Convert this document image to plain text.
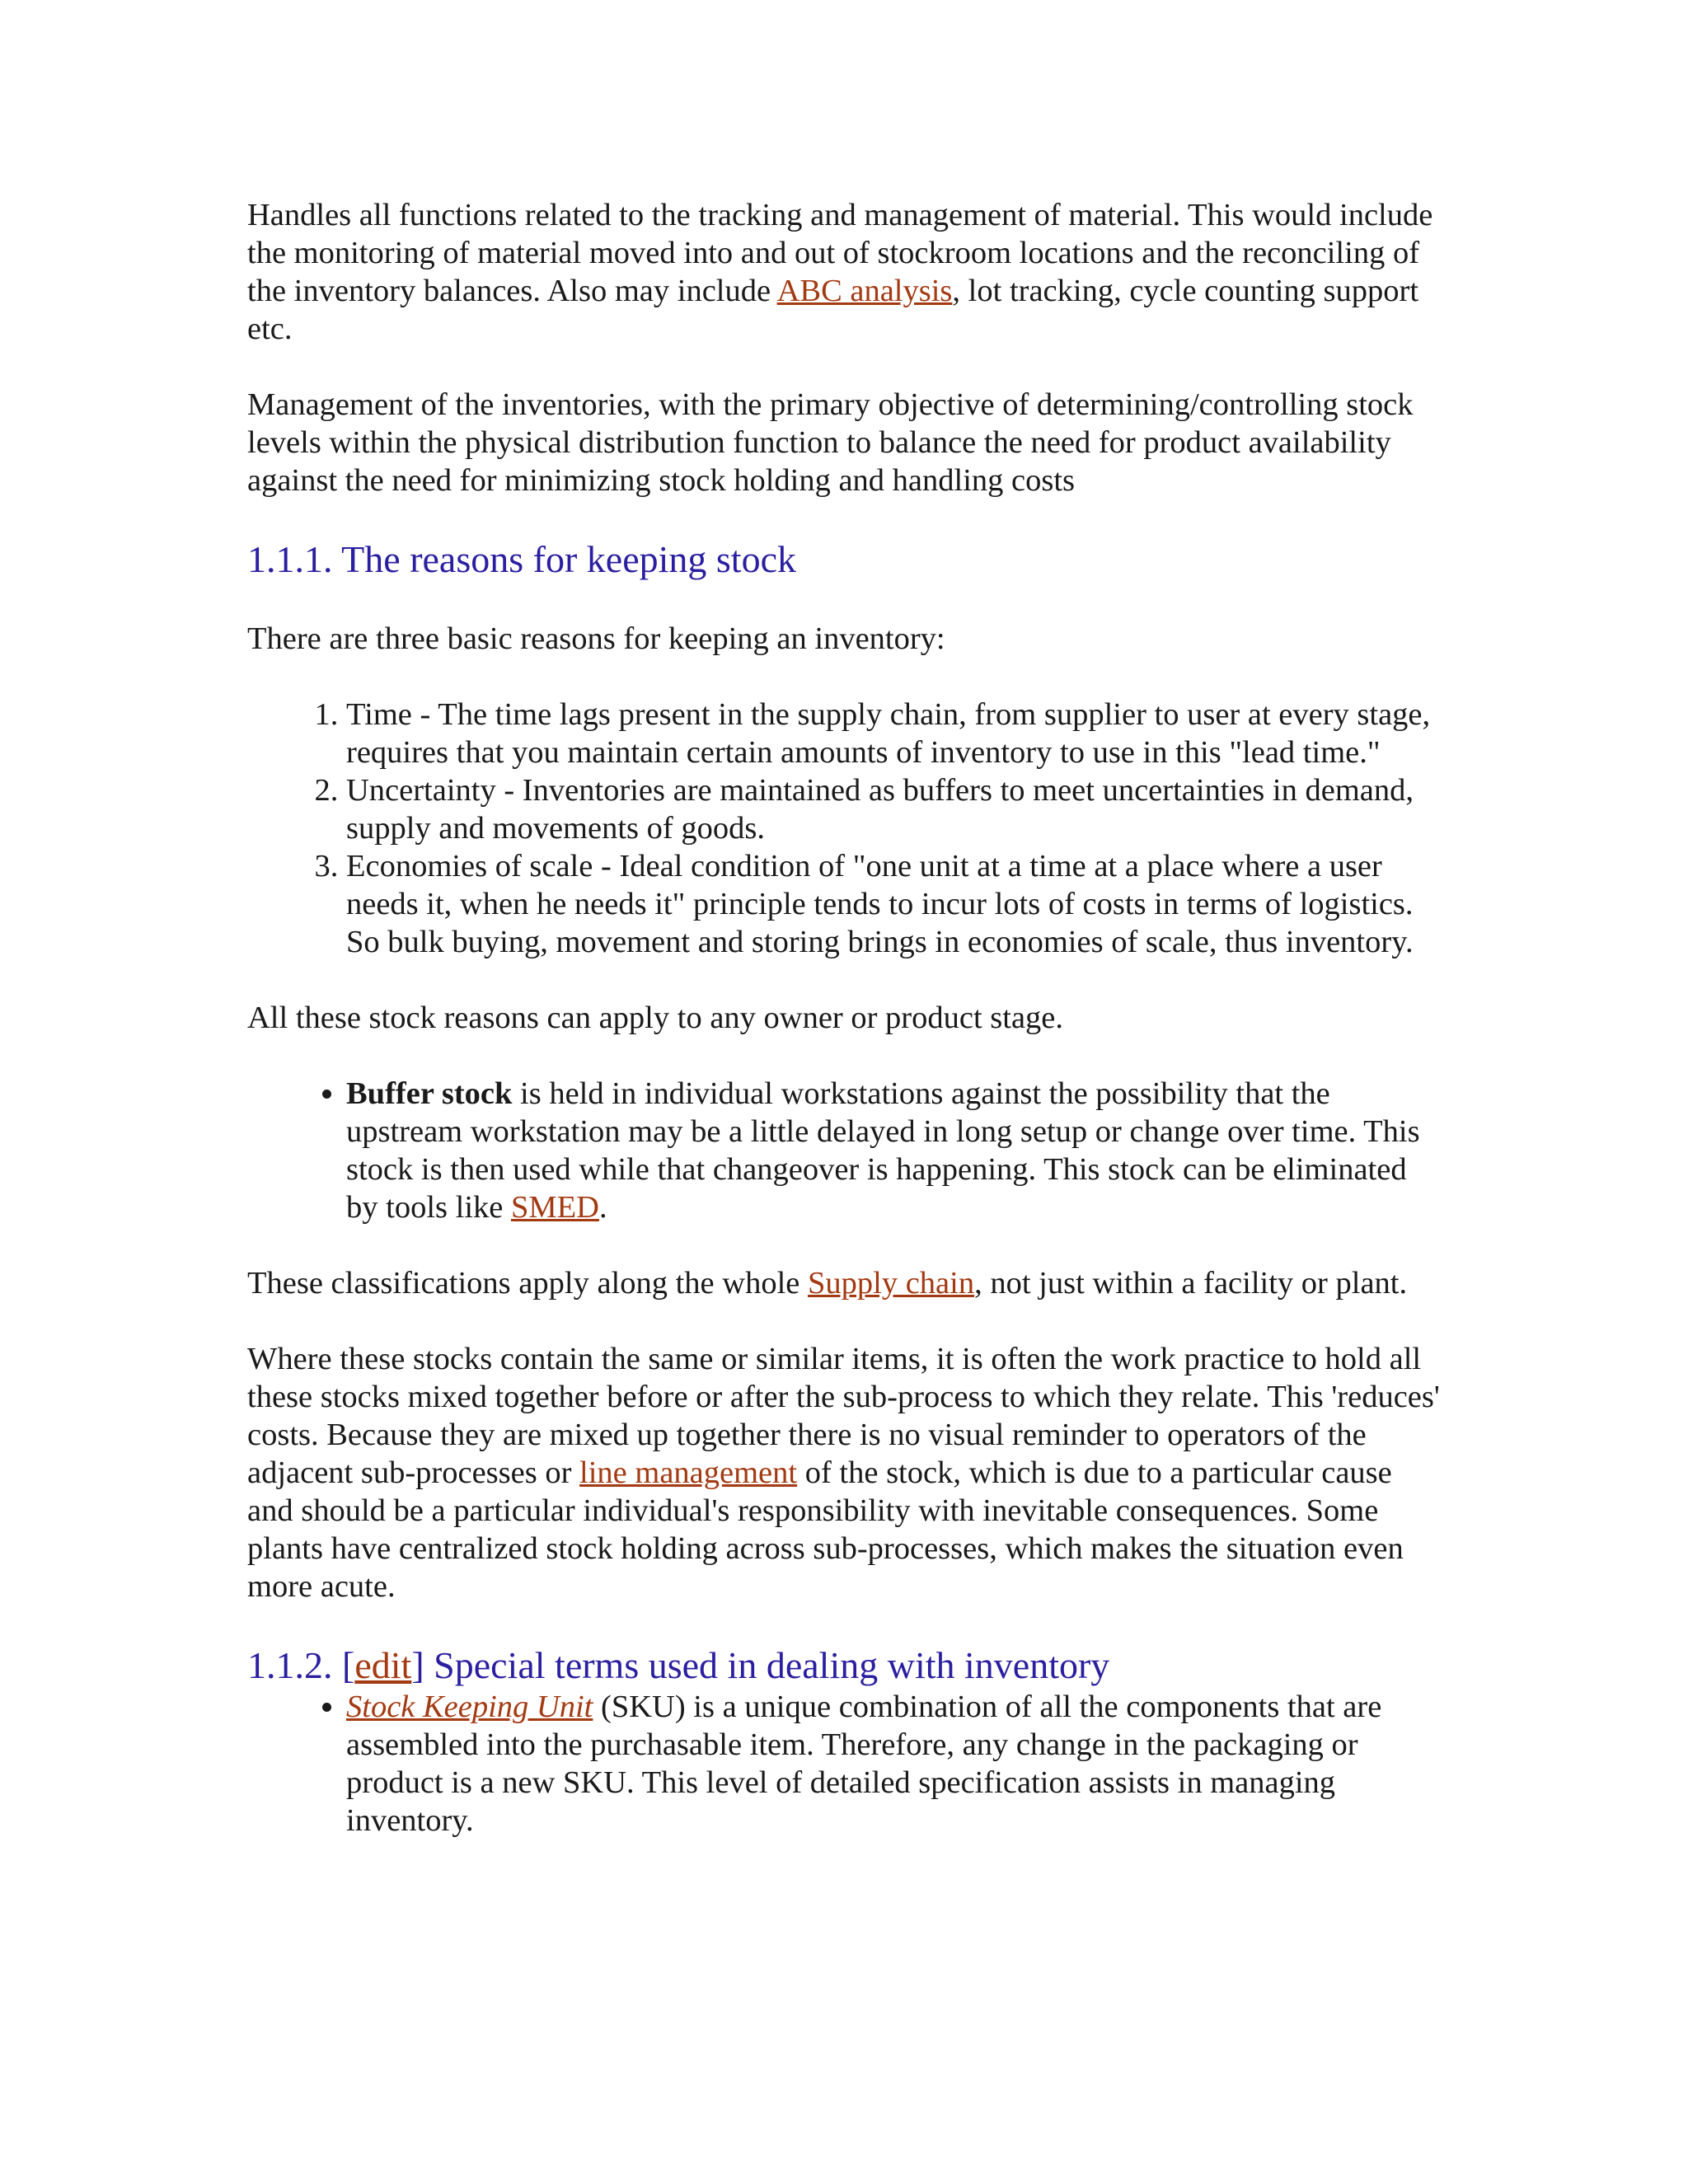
Handles all functions related to the tracking and management of material. This would include the monitoring of material moved into and out of stockroom locations and the reconciling of the inventory balances. Also may include ABC analysis, lot tracking, cycle counting support etc.

Management of the inventories, with the primary objective of determining/controlling stock levels within the physical distribution function to balance the need for product availability against the need for minimizing stock holding and handling costs

1.1.1. The reasons for keeping stock

There are three basic reasons for keeping an inventory:

1. Time - The time lags present in the supply chain, from supplier to user at every stage, requires that you maintain certain amounts of inventory to use in this "lead time."
2. Uncertainty - Inventories are maintained as buffers to meet uncertainties in demand, supply and movements of goods.
3. Economies of scale - Ideal condition of "one unit at a time at a place where a user needs it, when he needs it" principle tends to incur lots of costs in terms of logistics. So bulk buying, movement and storing brings in economies of scale, thus inventory.

All these stock reasons can apply to any owner or product stage.

• Buffer stock is held in individual workstations against the possibility that the upstream workstation may be a little delayed in long setup or change over time. This stock is then used while that changeover is happening. This stock can be eliminated by tools like SMED.

These classifications apply along the whole Supply chain, not just within a facility or plant.

Where these stocks contain the same or similar items, it is often the work practice to hold all these stocks mixed together before or after the sub-process to which they relate. This 'reduces' costs. Because they are mixed up together there is no visual reminder to operators of the adjacent sub-processes or line management of the stock, which is due to a particular cause and should be a particular individual's responsibility with inevitable consequences. Some plants have centralized stock holding across sub-processes, which makes the situation even more acute.

1.1.2. [edit] Special terms used in dealing with inventory
• Stock Keeping Unit (SKU) is a unique combination of all the components that are assembled into the purchasable item. Therefore, any change in the packaging or product is a new SKU. This level of detailed specification assists in managing inventory.
